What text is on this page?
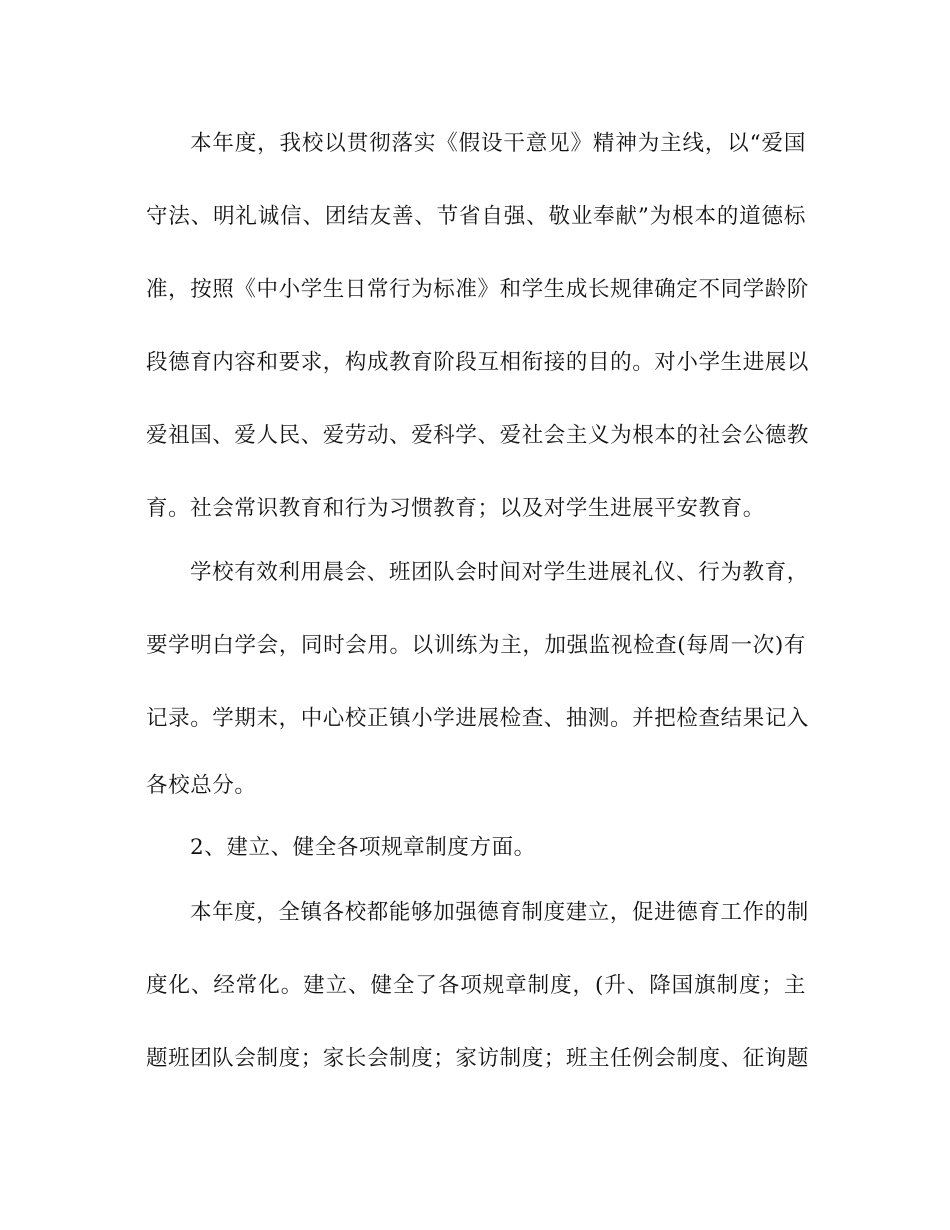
本年度，我校以贯彻落实《假设干意见》精神为主线，以“爱国
守法、明礼诚信、团结友善、节省自强、敬业奉献”为根本的道德标
准，按照《中小学生日常行为标准》和学生成长规律确定不同学龄阶
段德育内容和要求，构成教育阶段互相衔接的目的。对小学生进展以
爱祖国、爱人民、爱劳动、爱科学、爱社会主义为根本的社会公德教
育。社会常识教育和行为习惯教育；以及对学生进展平安教育。
学校有效利用晨会、班团队会时间对学生进展礼仪、行为教育，
要学明白学会，同时会用。以训练为主，加强监视检查(每周一次)有
记录。学期末，中心校正镇小学进展检查、抽测。并把检查结果记入
各校总分。
2、建立、健全各项规章制度方面。
本年度，全镇各校都能够加强德育制度建立，促进德育工作的制
度化、经常化。建立、健全了各项规章制度，(升、降国旗制度；主
题班团队会制度；家长会制度；家访制度；班主任例会制度、征询题
